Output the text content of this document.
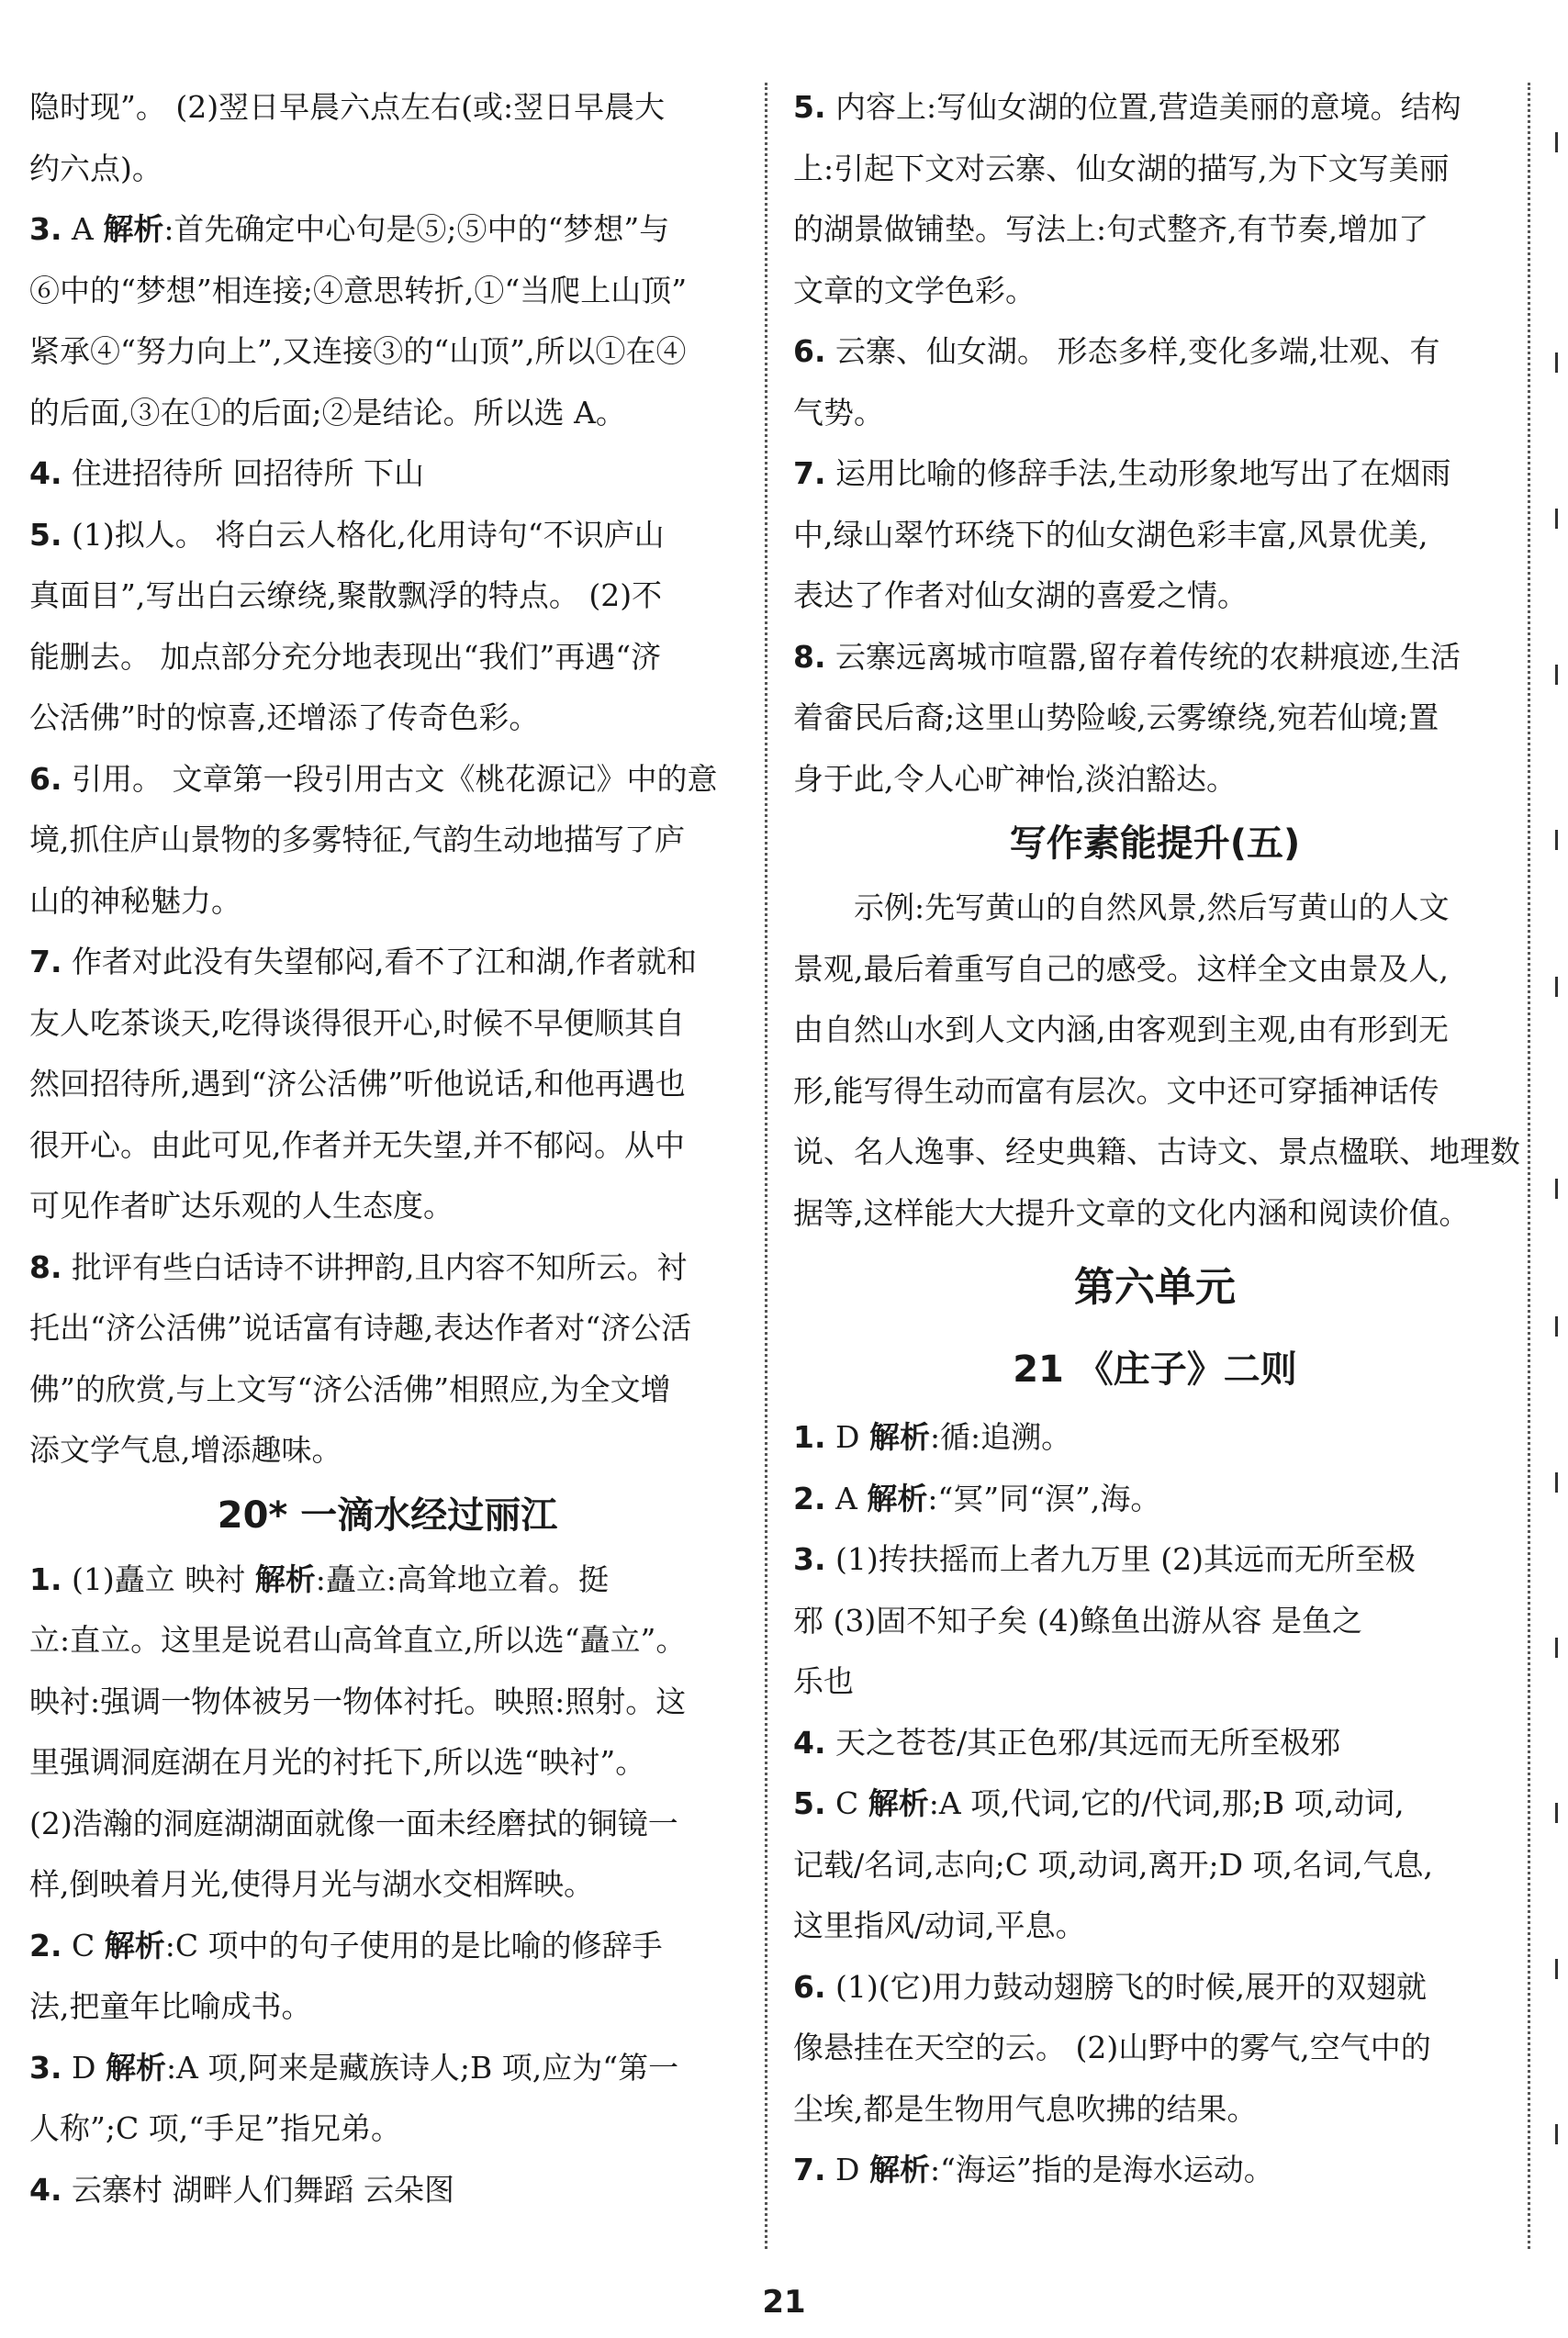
隐时现”。 (2)翌日早晨六点左右(或:翌日早晨大
约六点)。
3. A 解析:首先确定中心句是⑤;⑤中的“梦想”与
⑥中的“梦想”相连接;④意思转折,①“当爬上山顶”
紧承④“努力向上”,又连接③的“山顶”,所以①在④
的后面,③在①的后面;②是结论。所以选 A。
4. 住进招待所 回招待所 下山
5. (1)拟人。 将白云人格化,化用诗句“不识庐山
真面目”,写出白云缭绕,聚散飘浮的特点。 (2)不
能删去。 加点部分充分地表现出“我们”再遇“济
公活佛”时的惊喜,还增添了传奇色彩。
6. 引用。 文章第一段引用古文《桃花源记》中的意
境,抓住庐山景物的多雾特征,气韵生动地描写了庐
山的神秘魅力。
7. 作者对此没有失望郁闷,看不了江和湖,作者就和
友人吃茶谈天,吃得谈得很开心,时候不早便顺其自
然回招待所,遇到“济公活佛”听他说话,和他再遇也
很开心。由此可见,作者并无失望,并不郁闷。从中
可见作者旷达乐观的人生态度。
8. 批评有些白话诗不讲押韵,且内容不知所云。衬
托出“济公活佛”说话富有诗趣,表达作者对“济公活
佛”的欣赏,与上文写“济公活佛”相照应,为全文增
添文学气息,增添趣味。
20* 一滴水经过丽江
1. (1)矗立 映衬 解析:矗立:高耸地立着。挺
立:直立。这里是说君山高耸直立,所以选“矗立”。
映衬:强调一物体被另一物体衬托。映照:照射。这
里强调洞庭湖在月光的衬托下,所以选“映衬”。
(2)浩瀚的洞庭湖湖面就像一面未经磨拭的铜镜一
样,倒映着月光,使得月光与湖水交相辉映。
2. C 解析:C 项中的句子使用的是比喻的修辞手
法,把童年比喻成书。
3. D 解析:A 项,阿来是藏族诗人;B 项,应为“第一
人称”;C 项,“手足”指兄弟。
4. 云寨村 湖畔人们舞蹈 云朵图
5. 内容上:写仙女湖的位置,营造美丽的意境。结构
上:引起下文对云寨、仙女湖的描写,为下文写美丽
的湖景做铺垫。写法上:句式整齐,有节奏,增加了
文章的文学色彩。
6. 云寨、仙女湖。 形态多样,变化多端,壮观、有
气势。
7. 运用比喻的修辞手法,生动形象地写出了在烟雨
中,绿山翠竹环绕下的仙女湖色彩丰富,风景优美,
表达了作者对仙女湖的喜爱之情。
8. 云寨远离城市喧嚣,留存着传统的农耕痕迹,生活
着畲民后裔;这里山势险峻,云雾缭绕,宛若仙境;置
身于此,令人心旷神怡,淡泊豁达。
写作素能提升(五)
示例:先写黄山的自然风景,然后写黄山的人文
景观,最后着重写自己的感受。这样全文由景及人,
由自然山水到人文内涵,由客观到主观,由有形到无
形,能写得生动而富有层次。文中还可穿插神话传
说、名人逸事、经史典籍、古诗文、景点楹联、地理数
据等,这样能大大提升文章的文化内涵和阅读价值。
第六单元
21 《庄子》二则
1. D 解析:循:追溯。
2. A 解析:“冥”同“溟”,海。
3. (1)抟扶摇而上者九万里 (2)其远而无所至极
邪 (3)固不知子矣 (4)鲦鱼出游从容 是鱼之
乐也
4. 天之苍苍/其正色邪/其远而无所至极邪
5. C 解析:A 项,代词,它的/代词,那;B 项,动词,
记载/名词,志向;C 项,动词,离开;D 项,名词,气息,
这里指风/动词,平息。
6. (1)(它)用力鼓动翅膀飞的时候,展开的双翅就
像悬挂在天空的云。 (2)山野中的雾气,空气中的
尘埃,都是生物用气息吹拂的结果。
7. D 解析:“海运”指的是海水运动。
21
